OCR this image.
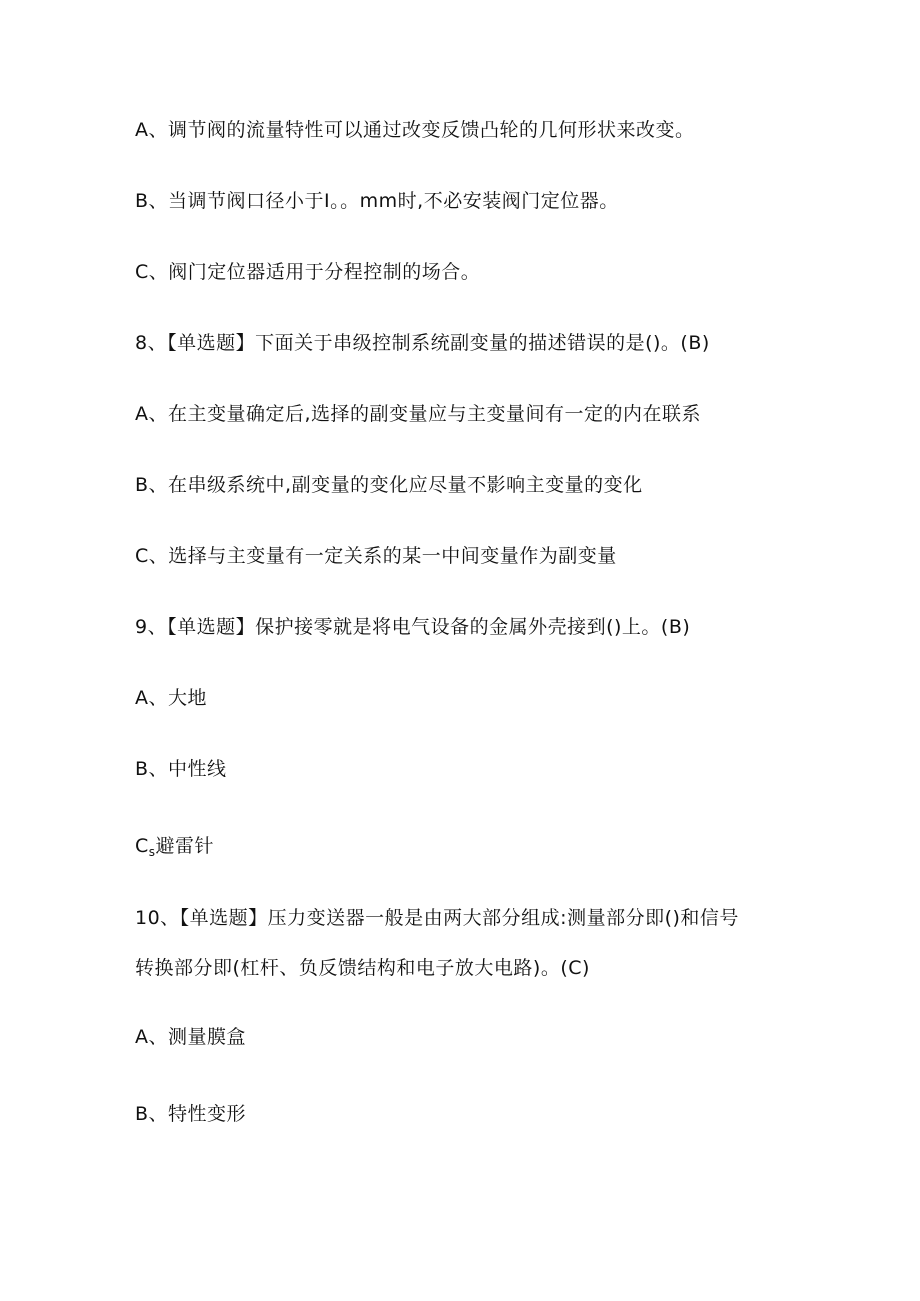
A、调节阀的流量特性可以通过改变反馈凸轮的几何形状来改变。
B、当调节阀口径小于I。。mm时,不必安装阀门定位器。
C、阀门定位器适用于分程控制的场合。
8、【单选题】下面关于串级控制系统副变量的描述错误的是()。(B)
A、在主变量确定后,选择的副变量应与主变量间有一定的内在联系
B、在串级系统中,副变量的变化应尽量不影响主变量的变化
C、选择与主变量有一定关系的某一中间变量作为副变量
9、【单选题】保护接零就是将电气设备的金属外壳接到()上。(B)
A、大地
B、中性线
$C_s$避雷针
10、【单选题】压力变送器一般是由两大部分组成:测量部分即()和信号
转换部分即(杠杆、负反馈结构和电子放大电路)。(C)
A、测量膜盒
B、特性变形
